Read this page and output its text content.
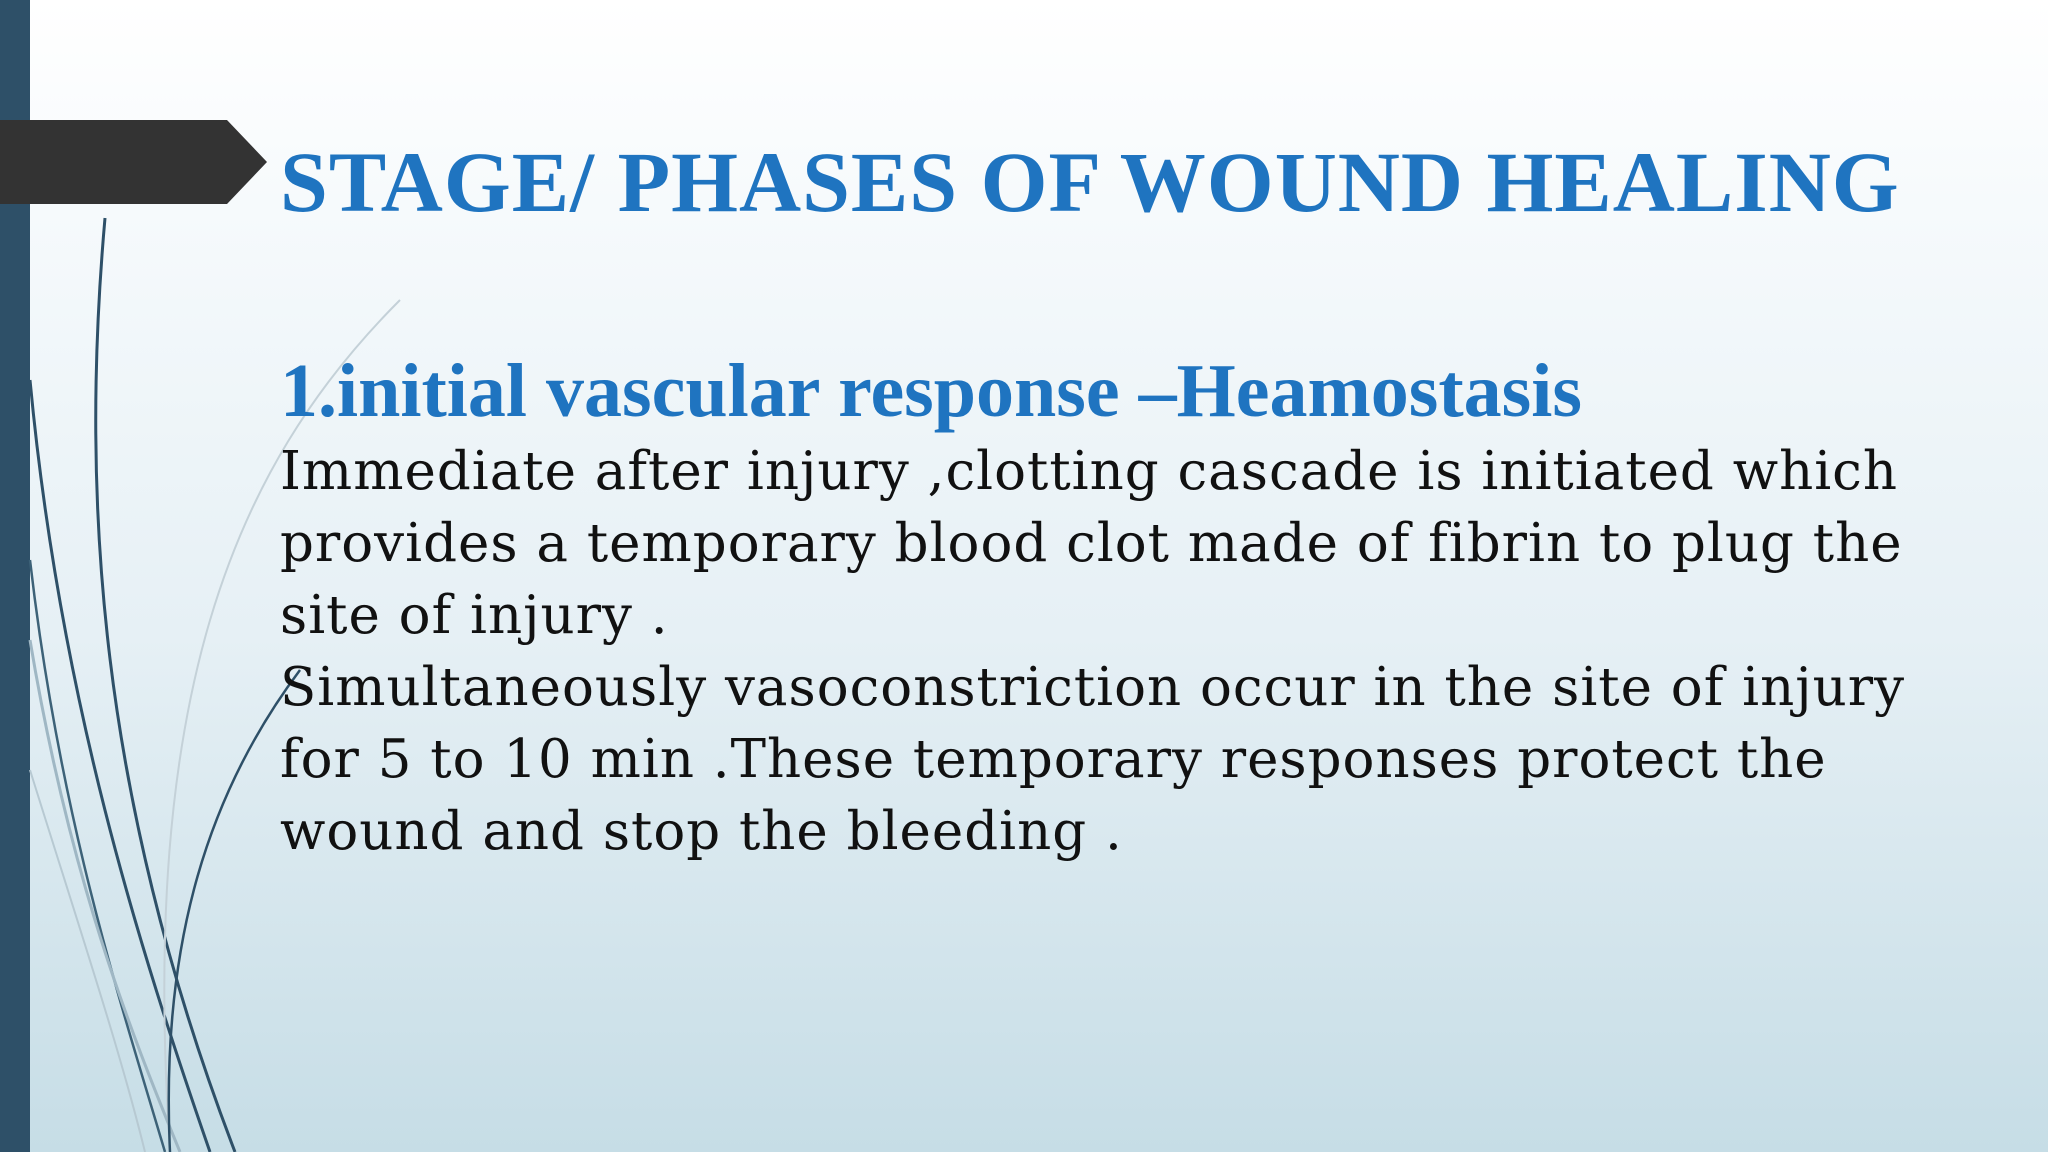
STAGE/ PHASES OF WOUND HEALING
1.initial vascular response –Heamostasis

Immediate after injury ,clotting cascade is initiated which provides a temporary blood clot made of fibrin to plug the site of injury .

Simultaneously vasoconstriction occur in the site of injury for 5 to 10 min .These temporary responses protect the wound and stop the bleeding .
